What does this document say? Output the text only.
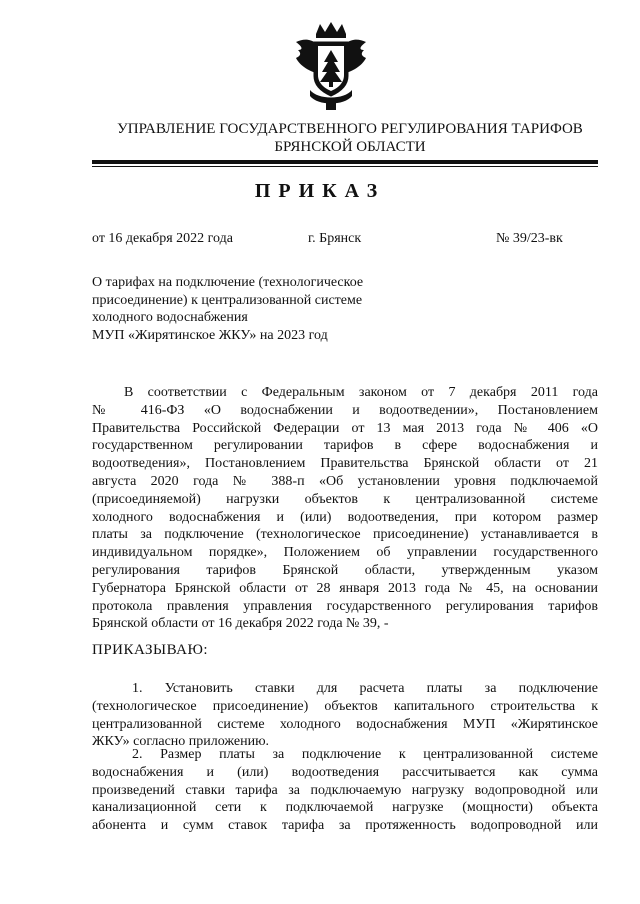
УПРАВЛЕНИЕ ГОСУДАРСТВЕННОГО РЕГУЛИРОВАНИЯ ТАРИФОВ
БРЯНСКОЙ ОБЛАСТИ
ПРИКАЗ
от 16 декабря 2022 года	г. Брянск	№ 39/23-вк
О тарифах на подключение (технологическое
присоединение) к централизованной системе
холодного водоснабжения
МУП «Жирятинское ЖКУ» на 2023 год
В соответствии с Федеральным законом от 7 декабря 2011 года
№ 416-ФЗ «О водоснабжении и водоотведении», Постановлением
Правительства Российской Федерации от 13 мая 2013 года № 406 «О
государственном регулировании тарифов в сфере водоснабжения и
водоотведения», Постановлением Правительства Брянской области от 21
августа 2020 года № 388-п «Об установлении уровня подключаемой
(присоединяемой) нагрузки объектов к централизованной системе
холодного водоснабжения и (или) водоотведения, при котором размер
платы за подключение (технологическое присоединение) устанавливается в
индивидуальном порядке», Положением об управлении государственного
регулирования тарифов Брянской области, утвержденным указом
Губернатора Брянской области от 28 января 2013 года № 45, на основании
протокола правления управления государственного регулирования тарифов
Брянской области от 16 декабря 2022 года № 39, -
ПРИКАЗЫВАЮ:
1. Установить ставки для расчета платы за подключение
(технологическое присоединение) объектов капитального строительства к
централизованной системе холодного водоснабжения МУП «Жирятинское
ЖКУ» согласно приложению.
2. Размер платы за подключение к централизованной системе
водоснабжения и (или) водоотведения рассчитывается как сумма
произведений ставки тарифа за подключаемую нагрузку водопроводной или
канализационной сети к подключаемой нагрузке (мощности) объекта
абонента и сумм ставок тарифа за протяженность водопроводной или
